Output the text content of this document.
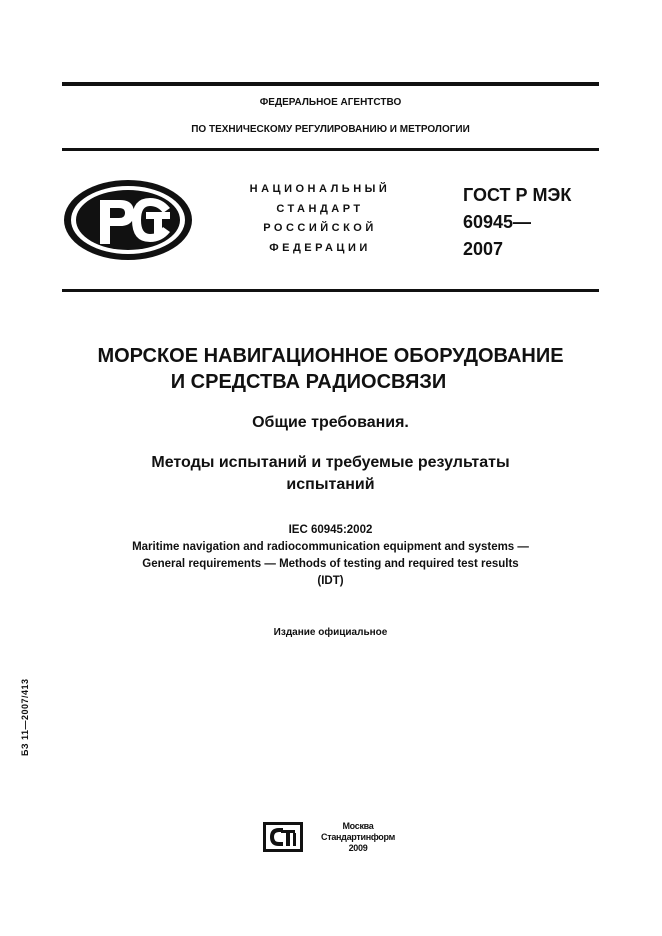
ФЕДЕРАЛЬНОЕ АГЕНТСТВО
ПО ТЕХНИЧЕСКОМУ РЕГУЛИРОВАНИЮ И МЕТРОЛОГИИ
НАЦИОНАЛЬНЫЙ
СТАНДАРТ
РОССИЙСКОЙ
ФЕДЕРАЦИИ
ГОСТ Р МЭК
60945—
2007
МОРСКОЕ НАВИГАЦИОННОЕ ОБОРУДОВАНИЕ
И СРЕДСТВА РАДИОСВЯЗИ
Общие требования.
Методы испытаний и требуемые результаты
испытаний
IEC 60945:2002
Maritime navigation and radiocommunication equipment and systems —
General requirements — Methods of testing and required test results
(IDT)
Издание официальное
БЗ 11—2007/413
Москва
Стандартинформ
2009
